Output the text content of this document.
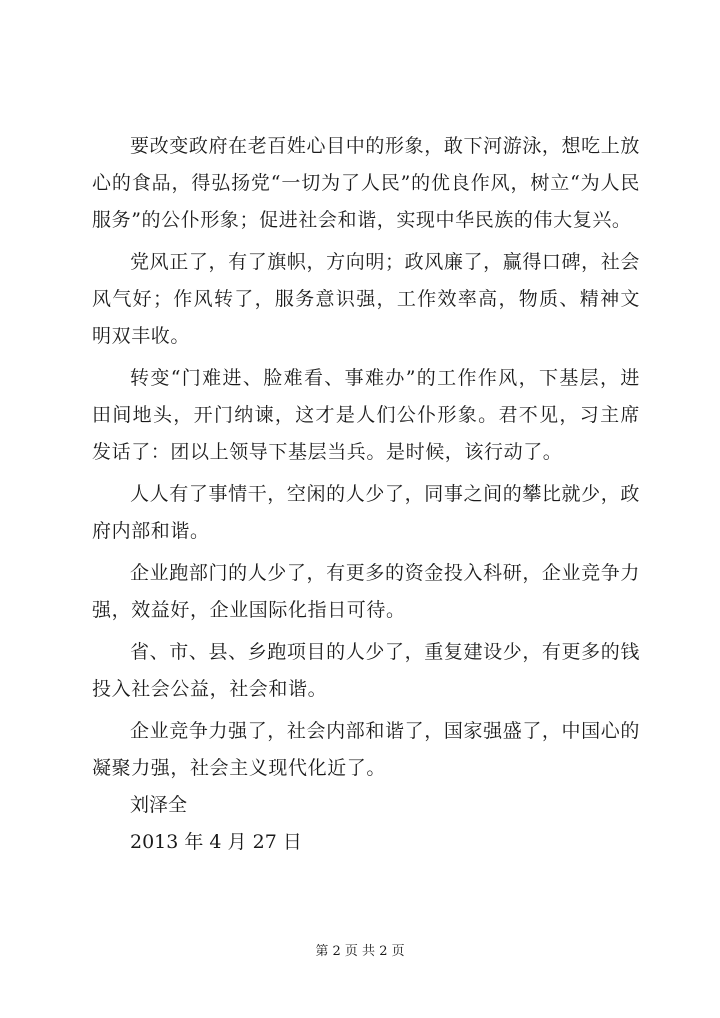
要改变政府在老百姓心目中的形象，敢下河游泳，想吃上放心的食品，得弘扬党“一切为了人民”的优良作风，树立“为人民服务”的公仆形象；促进社会和谐，实现中华民族的伟大复兴。

党风正了，有了旗帜，方向明；政风廉了，赢得口碑，社会风气好；作风转了，服务意识强，工作效率高，物质、精神文明双丰收。

转变“门难进、脸难看、事难办”的工作作风，下基层，进田间地头，开门纳谏，这才是人们公仆形象。君不见，习主席发话了：团以上领导下基层当兵。是时候，该行动了。

人人有了事情干，空闲的人少了，同事之间的攀比就少，政府内部和谐。

企业跑部门的人少了，有更多的资金投入科研，企业竞争力强，效益好，企业国际化指日可待。

省、市、县、乡跑项目的人少了，重复建设少，有更多的钱投入社会公益，社会和谐。

企业竞争力强了，社会内部和谐了，国家强盛了，中国心的凝聚力强，社会主义现代化近了。

刘泽全

2013 年 4 月 27 日

第 2 页 共 2 页
